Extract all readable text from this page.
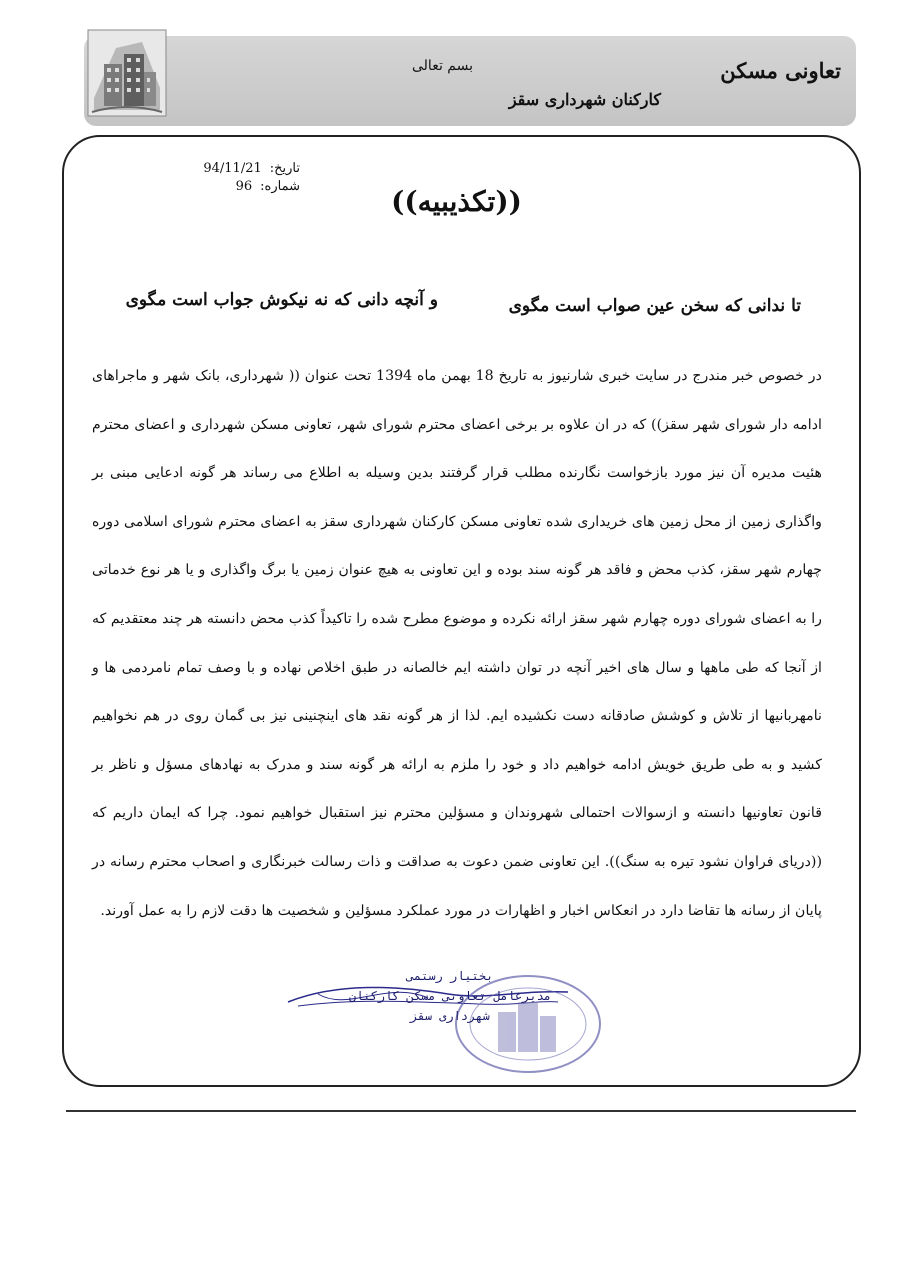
تعاونی مسکن
کارکنان شهرداری سقز
بسم تعالی
تاریخ:
94/11/21
شماره:
96	((تکذیبیه))
تا ندانی که سخن عین صواب است مگوی
و آنچه دانی که نه نیکوش جواب است مگوی

در خصوص خبر مندرج در سایت خبری شارنیوز به تاریخ 18 بهمن ماه 1394 تحت عنوان (( شهرداری، بانک شهر و ماجراهای ادامه دار شورای شهر سقز)) که در ان علاوه بر برخی اعضای محترم شورای شهر، تعاونی مسکن شهرداری و اعضای محترم هئیت مدیره آن نیز مورد بازخواست نگارنده مطلب قرار گرفتند بدین وسیله به اطلاع می رساند هر گونه ادعایی مبنی بر واگذاری زمین از محل زمین های خریداری شده تعاونی مسکن کارکنان شهرداری سقز به اعضای محترم شورای اسلامی دوره چهارم شهر سقز، کذب محض و فاقد هر گونه سند بوده و این تعاونی به هیچ عنوان زمین یا برگ واگذاری و یا هر نوع خدماتی را به اعضای شورای دوره چهارم شهر سقز ارائه نکرده و موضوع مطرح شده را تاکیداً کذب محض دانسته هر چند معتقدیم که از آنجا که طی ماهها و سال های اخیر آنچه در توان داشته ایم خالصانه در طبق اخلاص نهاده و با وصف تمام نامردمی ها و نامهربانیها از تلاش و کوشش صادقانه دست نکشیده ایم. لذا از هر گونه نقد های اینچنینی نیز بی گمان روی در هم نخواهیم کشید و به طی طریق خویش ادامه خواهیم داد و خود را ملزم به ارائه هر گونه سند و مدرک به نهادهای مسؤل و ناظر بر قانون تعاونیها دانسته و ازسوالات احتمالی شهروندان و مسؤلین محترم نیز استقبال خواهیم نمود. چرا که ایمان داریم که ((دریای فراوان نشود تیره به سنگ)). این تعاونی ضمن دعوت به صداقت و ذات رسالت خبرنگاری و اصحاب محترم رسانه در پایان از رسانه ها تقاضا دارد در انعکاس اخبار و اظهارات در مورد عملکرد مسؤلین و شخصیت ها دقت لازم را به عمل آورند.

بختیار رستمی
مدیرعامل تعاونی مسکن کارکنان
شهرداری سقز
